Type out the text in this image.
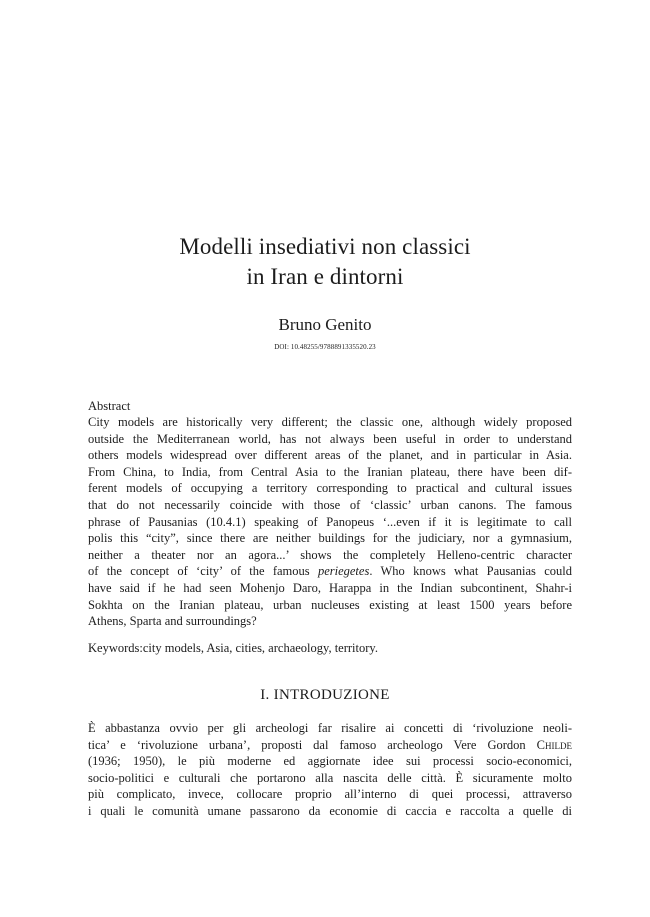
Modelli insediativi non classici
in Iran e dintorni
Bruno Genito
DOI: 10.48255/9788891335520.23
Abstract
City models are historically very different; the classic one, although widely proposed
outside the Mediterranean world, has not always been useful in order to understand
others models widespread over different areas of the planet, and in particular in Asia.
From China, to India, from Central Asia to the Iranian plateau, there have been dif-
ferent models of occupying a territory corresponding to practical and cultural issues
that do not necessarily coincide with those of ‘classic’ urban canons. The famous
phrase of Pausanias (10.4.1) speaking of Panopeus ‘...even if it is legitimate to call
polis this “city”, since there are neither buildings for the judiciary, nor a gymnasium,
neither a theater nor an agora...’ shows the completely Helleno-centric character
of the concept of ‘city’ of the famous periegetes. Who knows what Pausanias could
have said if he had seen Mohenjo Daro, Harappa in the Indian subcontinent, Shahr-i
Sokhta on the Iranian plateau, urban nucleuses existing at least 1500 years before
Athens, Sparta and surroundings?
Keywords:city models, Asia, cities, archaeology, territory.
I. INTRODUZIONE
È abbastanza ovvio per gli archeologi far risalire ai concetti di ‘rivoluzione neoli-
tica’ e ‘rivoluzione urbana’, proposti dal famoso archeologo Vere Gordon Childe
(1936; 1950), le più moderne ed aggiornate idee sui processi socio-economici,
socio-politici e culturali che portarono alla nascita delle città. È sicuramente molto
più complicato, invece, collocare proprio all’interno di quei processi, attraverso
i quali le comunità umane passarono da economie di caccia e raccolta a quelle di
